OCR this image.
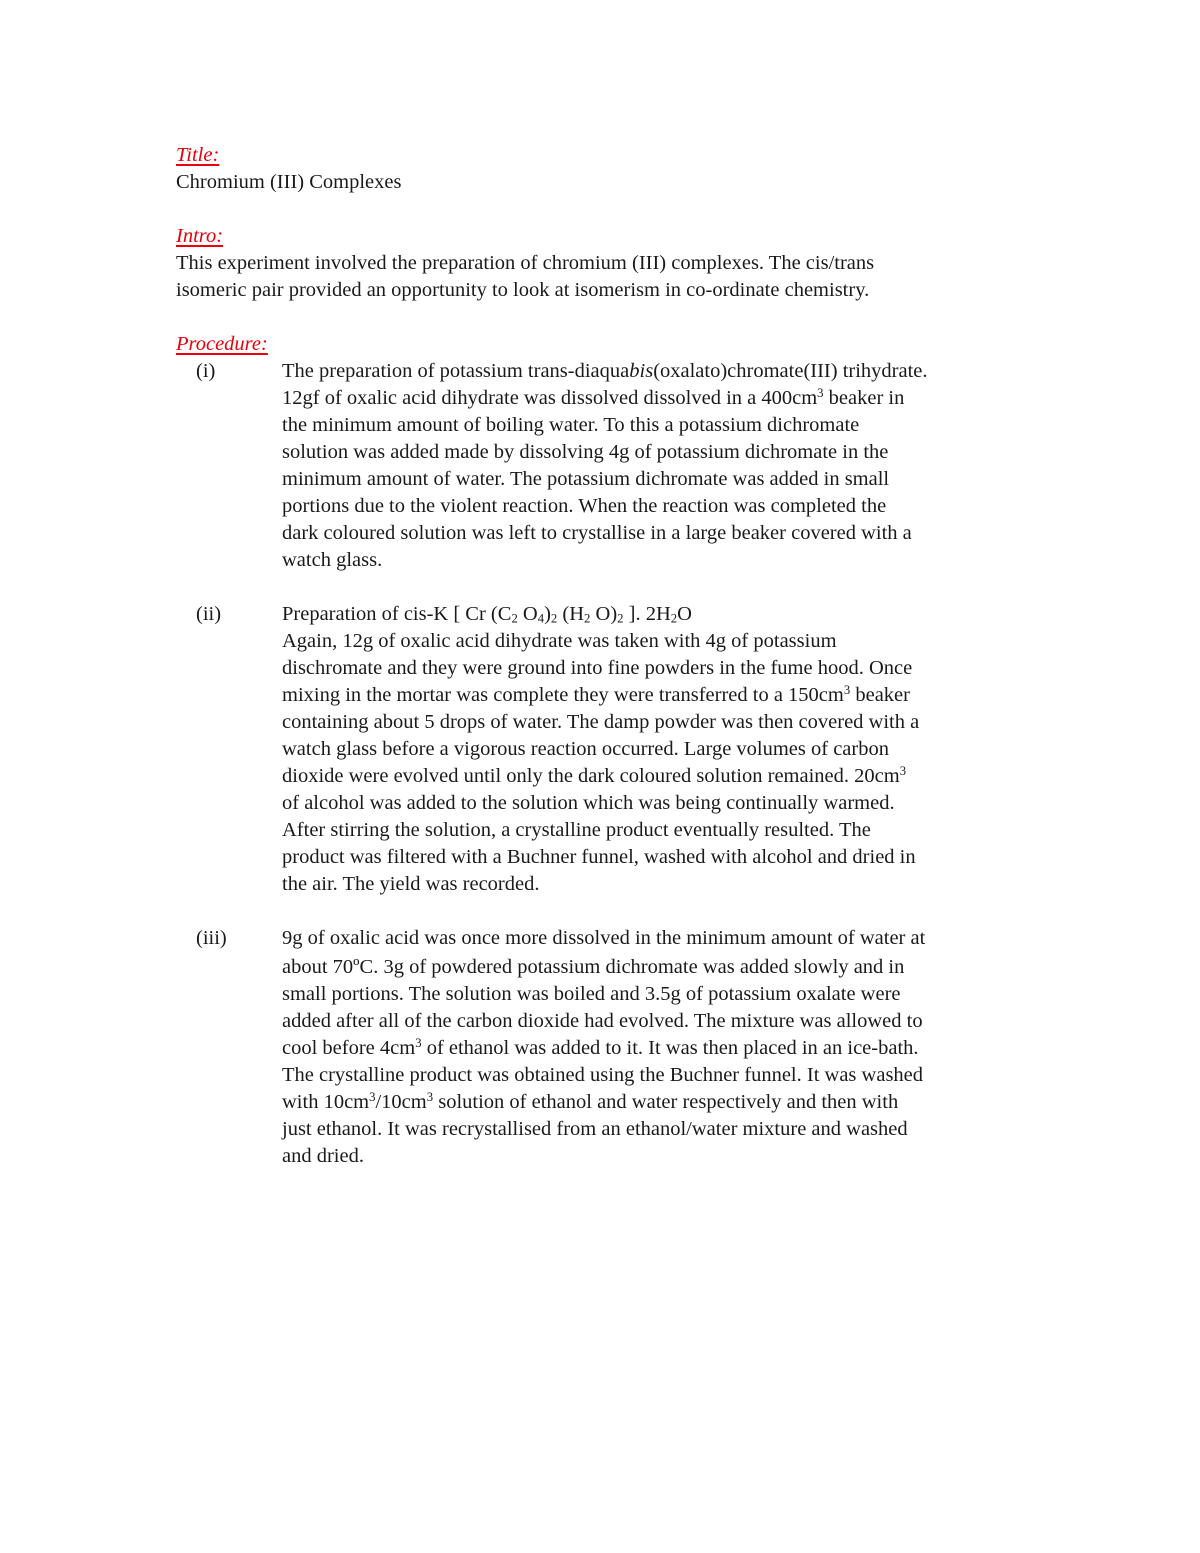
Title:

Chromium (III) Complexes

Intro:

This experiment involved the preparation of chromium (III) complexes. The cis/trans
isomeric pair provided an opportunity to look at isomerism in co-ordinate chemistry.

Procedure:

(i)	The preparation of potassium trans-diaquabis(oxalato)chromate(III) trihydrate.
12gf of oxalic acid dihydrate was dissolved dissolved in a $400cm^3$ beaker in
the minimum amount of boiling water. To this a potassium dichromate
solution was added made by dissolving 4g of potassium dichromate in the
minimum amount of water. The potassium dichromate was added in small
portions due to the violent reaction. When the reaction was completed the
dark coloured solution was left to crystallise in a large beaker covered with a
watch glass.
(ii)	Preparation of cis-K [ Cr ($C_2$ $O_4)_2$ ($H_2$ $O)_2$ ]. $2H_2O$
Again, 12g of oxalic acid dihydrate was taken with 4g of potassium
dischromate and they were ground into fine powders in the fume hood. Once
mixing in the mortar was complete they were transferred to a $150cm^3$ beaker
containing about 5 drops of water. The damp powder was then covered with a
watch glass before a vigorous reaction occurred. Large volumes of carbon
dioxide were evolved until only the dark coloured solution remained. $20cm^3$
of alcohol was added to the solution which was being continually warmed.
After stirring the solution, a crystalline product eventually resulted. The
product was filtered with a Buchner funnel, washed with alcohol and dried in
the air. The yield was recorded.
(iii)	9g of oxalic acid was once more dissolved in the minimum amount of water at
about 70ºC. 3g of powdered potassium dichromate was added slowly and in
small portions. The solution was boiled and 3.5g of potassium oxalate were
added after all of the carbon dioxide had evolved. The mixture was allowed to
cool before $4cm^3$ of ethanol was added to it. It was then placed in an ice-bath.
The crystalline product was obtained using the Buchner funnel. It was washed
with $10cm^3/10cm^3$ solution of ethanol and water respectively and then with
just ethanol. It was recrystallised from an ethanol/water mixture and washed
and dried.
